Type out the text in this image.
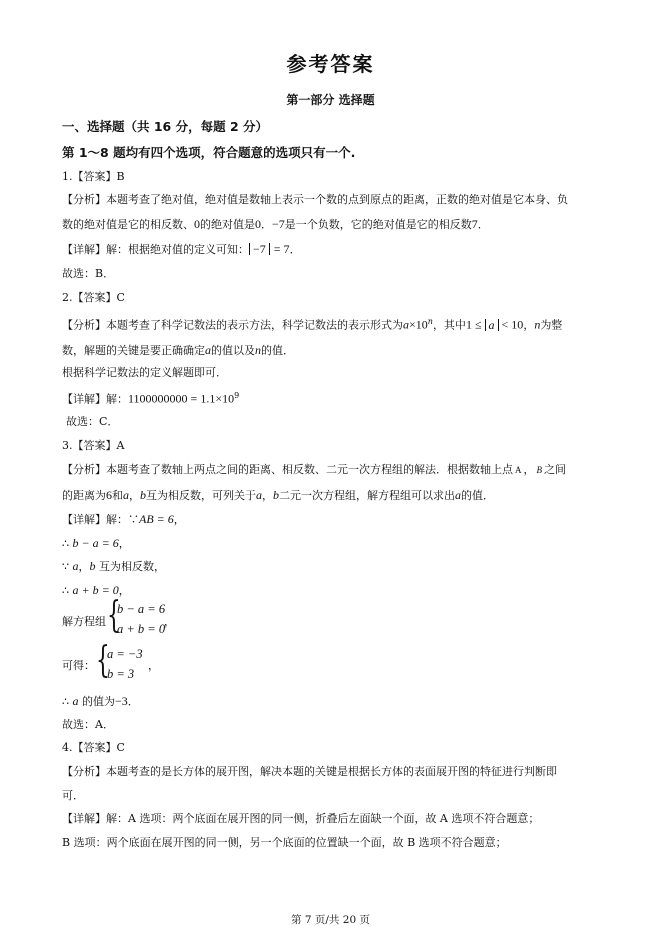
参考答案
第一部分 选择题
一、选择题（共 16 分，每题 2 分）
第 1～8 题均有四个选项，符合题意的选项只有一个.
1.【答案】B
【分析】本题考查了绝对值，绝对值是数轴上表示一个数的点到原点的距离，正数的绝对值是它本身、负
数的绝对值是它的相反数、0的绝对值是0．−7是一个负数，它的绝对值是它的相反数7．
【详解】解：根据绝对值的定义可知： −7 = 7．
故选：B．
2.【答案】C
【分析】本题考查了科学记数法的表示方法，科学记数法的表示形式为$a\times 10^n$，其中1 ≤ a < 10，n为整
数，解题的关键是要正确确定a的值以及n的值．
根据科学记数法的定义解题即可．
【详解】解：$1100000000 = 1.1\times 10^9$
故选：C．
3.【答案】A
【分析】本题考查了数轴上两点之间的距离、相反数、二元一次方程组的解法．根据数轴上点 A ， B 之间
的距离为6和a，b互为相反数，可列关于a，b二元一次方程组，解方程组可以求出a的值．
【详解】解：∵AB = 6，
∴ b − a = 6，
∵ a，b 互为相反数，
∴ a + b = 0，
解方程组 {
b − a = 6
a + b = 0
，
可得： {
a = −3
b = 3
，
∴ a 的值为−3．
故选：A．
4.【答案】C
【分析】本题考查的是长方体的展开图，解决本题的关键是根据长方体的表面展开图的特征进行判断即
可．
【详解】解：A 选项：两个底面在展开图的同一侧，折叠后左面缺一个面，故 A 选项不符合题意；
B 选项：两个底面在展开图的同一侧，另一个底面的位置缺一个面，故 B 选项不符合题意；
第 7 页/共 20 页
